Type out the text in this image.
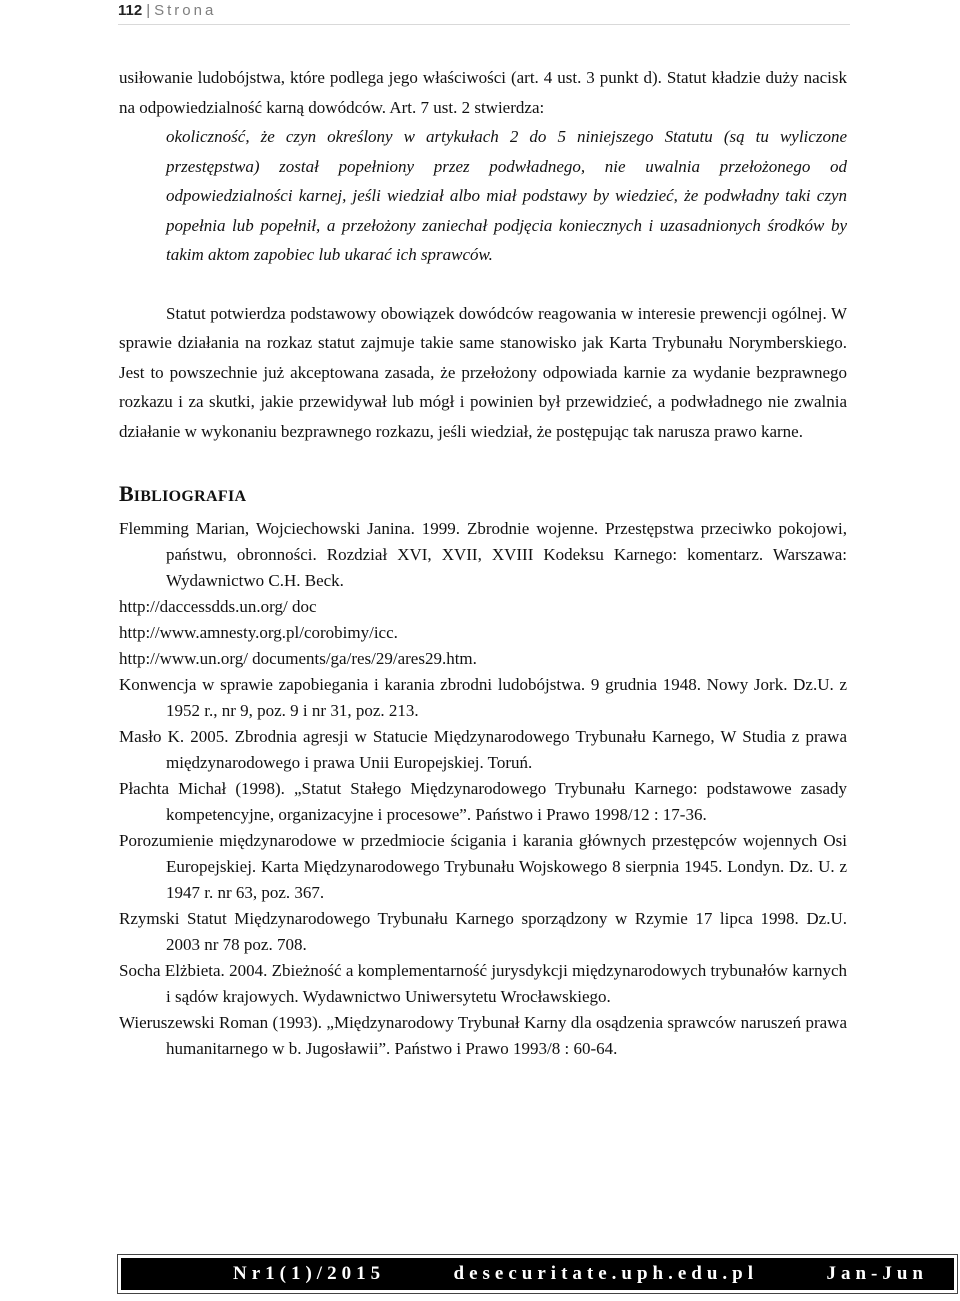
112 | Strona

usiłowanie ludobójstwa, które podlega jego właściwości (art. 4 ust. 3 punkt d). Statut kładzie duży nacisk na odpowiedzialność karną dowódców. Art. 7 ust. 2 stwierdza:

okoliczność, że czyn określony w artykułach 2 do 5 niniejszego Statutu (są tu wyliczone przestępstwa) został popełniony przez podwładnego, nie uwalnia przełożonego od odpowiedzialności karnej, jeśli wiedział albo miał podstawy by wiedzieć, że podwładny taki czyn popełnia lub popełnił, a przełożony zaniechał podjęcia koniecznych i uzasadnionych środków by takim aktom zapobiec lub ukarać ich sprawców.

Statut potwierdza podstawowy obowiązek dowódców reagowania w interesie prewencji ogólnej. W sprawie działania na rozkaz statut zajmuje takie same stanowisko jak Karta Trybunału Norymberskiego. Jest to powszechnie już akceptowana zasada, że przełożony odpowiada karnie za wydanie bezprawnego rozkazu i za skutki, jakie przewidywał lub mógł i powinien był przewidzieć, a podwładnego nie zwalnia działanie w wykonaniu bezprawnego rozkazu, jeśli wiedział, że postępując tak narusza prawo karne.

BIBLIOGRAFIA
Flemming Marian, Wojciechowski Janina. 1999. Zbrodnie wojenne. Przestępstwa przeciwko pokojowi, państwu, obronności. Rozdział XVI, XVII, XVIII Kodeksu Karnego: komentarz. Warszawa: Wydawnictwo C.H. Beck.
http://daccessdds.un.org/ doc
http://www.amnesty.org.pl/corobimy/icc.
http://www.un.org/ documents/ga/res/29/ares29.htm.
Konwencja w sprawie zapobiegania i karania zbrodni ludobójstwa. 9 grudnia 1948. Nowy Jork. Dz.U. z 1952 r., nr 9, poz. 9 i nr 31, poz. 213.
Masło K. 2005. Zbrodnia agresji w Statucie Międzynarodowego Trybunału Karnego, W Studia z prawa międzynarodowego i prawa Unii Europejskiej. Toruń.
Płachta Michał (1998). „Statut Stałego Międzynarodowego Trybunału Karnego: podstawowe zasady kompetencyjne, organizacyjne i procesowe”. Państwo i Prawo 1998/12 : 17-36.
Porozumienie międzynarodowe w przedmiocie ścigania i karania głównych przestępców wojennych Osi Europejskiej. Karta Międzynarodowego Trybunału Wojskowego 8 sierpnia 1945. Londyn. Dz. U. z 1947 r. nr 63, poz. 367.
Rzymski Statut Międzynarodowego Trybunału Karnego sporządzony w Rzymie 17 lipca 1998. Dz.U. 2003 nr 78 poz. 708.
Socha Elżbieta. 2004. Zbieżność a komplementarność jurysdykcji międzynarodowych trybunałów karnych i sądów krajowych. Wydawnictwo Uniwersytetu Wrocławskiego.
Wieruszewski Roman (1993). „Międzynarodowy Trybunał Karny dla osądzenia sprawców naruszeń prawa humanitarnego w b. Jugosławii”. Państwo i Prawo 1993/8 : 60-64.
Nr1(1)/2015	desecuritate.uph.edu.pl	Jan-Jun
